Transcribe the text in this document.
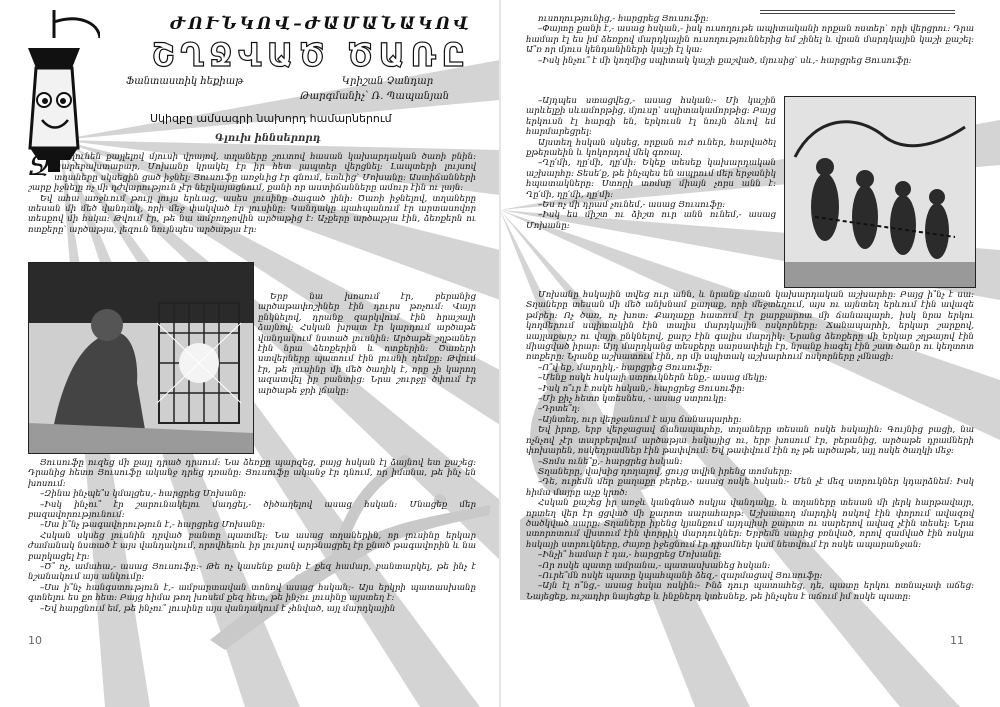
ԺՈՒՆԿՈՎ–ԺԱՄԱՆԱԿՈՎ
ՇՂՋՎԱԾ ԾԱՌԸ
Ֆանտաստիկ հեքիաթ	Կրիշան Չանդար
Թարգմանիչ՝ Ռ. Պապանյան
Սկիզբը ամսագրի նախորդ համարներում
Գլուխ իննսերորդ

Ջրուղունեն քայլելով մյուսի վրայով, տղաները շուտով հասան կախարդական ծառի բնին: Բարեբախտաբար, Մոխանը կրակել էր իր հետ լապտեր վերցնել: Լապտերի լույսով տղաները սկսեցին ցած իջնել: Յուսուֆը առջևից էր գնում, ետևից՝ Մոխանը: Աստիճանների շարք իջնելը ոչ մի դժվարություն չէր ներկայացնում, քանի որ աստիճանները ամուր էին ու լայն:

Եվ ահա առջևում թույլ լույս երևաց, ասես լուսինը ծագած լինի: Ծառի իջնելով, տղաները տեսան մի մեծ վանդակ, որի մեջ փակված էր լուսինը: Կանդակը պահպանում էր արտասովոր տեսքով մի հսկա: Թվում էր, թե նա ամբողջովին արծաթից է: Աչքերը արծաթյա էին, ձեռքերն ու ոտքերը՝ արծաթյա, լեզուն նույնպես արծաթյա էր:

Երբ նա խոսում էր, բերանից արծաթափոշիներ էին դուրս թռչում: Վայր ընկնելով, դրանք զարկվում էին հրաշալի ձայնով: Հսկան խրատ էր կարդում արծաթե վանդակում նստած լուսնին: Արծաթե շղթաներ էին նրա ձեռքերին և ոտքերին: Ծառերի ստվերները պատում էին լուսնի դեմքը: Թվում էր, թե լուսինը մի մեծ ծաղիկ է, որը չի կարող ազատվել իր բանտից: Նրա շուրջը ծփում էր արծաթե ջրի լճակը:

Յուսուֆը ուզեց մի քայլ դրած դրսում: Նա ձեռքը պարզեց, բայց հսկան էլ ձայնով ետ քաշեց: Դրանից հետո Յուսուֆը ականջ դրեց դռանը: Յուսուֆը ականջ էր դնում, որ իմանա, թե ինչ են խոսում:

–Զինա ինչպե՞ս կմալցես,- հարցրեց Մոխանը:

–Իսկ ինչու՞ էր շարունակելու մադցել,- ծիծաղելով ասաց հսկան: Մնացեք մեր բազավորությունում:

–Սա ի՞նչ թագավորություն է,- հարցրեց Մոխանը:

Հսկան սկսեց լուսնին դրված բանտը պատմել: Նա ասաց տղաներին, որ լուսինը երկար ժամանակ նստած է այս վանդակում, որովհետև իր լույսով արթնացրել էր քնած թագավորին և նա բարկացել էր:

–Ծ՞ ոչ, ամահա,- ասաց Յուսուֆը:- Թե ոչ կասենք քանի է քեզ համար, բանտարկել, թե ինչ է նշանակում այս անկումը:

–Սա ի՞նչ հանգստություն է,- ամբարտավան տոնով ասաց հսկան:- Այս երկրի պատասխանը գտնելու ես քո հետ: Բայց հիմա թող խոսեմ քեզ հետ, թե ինչու լուսինը այստեղ է:

–Եվ հարցնում եմ, թե ինչու՞ լուսինը այս վանդակում է չհնված, այլ մարդկային

10

ուսողությունից,- հարցրեց Յուսուֆը:

–Փայտը քանի է,- ասաց հսկան,- իսկ ուսողութե ապիտականի որքան ոստեր՝ որի վերցրու: Դրա համար էլ ես իմ ձեռքով մարդկային ուսողություններից եմ շինել և վրան մարդկային կաշի քաշել: Ա՞ռ որ մյուս կենդանիների կաշի էլ կա:

–Իսկ ինչու՞ է մի կողմից սպիտակ կաշի քաշված, մյուսից՝ սև,- հարցրեց Յուսուֆը:

–Այդպես ստացվեց,- ասաց հսկան:- Մի կաշին արևելքի սևամորթից, մյուսը՝ սպիտակամորթից: Բայց երկուսն էլ հարգի են, երկուսն էլ նույն ձևով եմ հարմարեցրել:

Այստեղ հսկան սկսեց, որքան ուժ ուներ, հարվածել քթերաեին և կոկորդով մեկ գոռալ.

–Ղը՛մի, ղը՛մի, ղը՛մի: Եկեք տեսեք կախարդական աշխարհը: Տեսե՛ք, թե ինչպես են ապրում մեր երջանիկ հպատակները: Ստորի տոմսը միայն չորս անն է: Ղը՛մի, ղը՛մի, ղը՛մի:

–Ես ոչ մի դրամ չունեմ,- ասաց Յուսուֆը:

–Իսկ ես միշտ ու ձիշտ ուր անն ունեմ,- ասաց Մոխանը:

Մոխանը հսկային տվեց ուր անն, և նրանք մտան կախարդական աշխարհը: Բայց ի՞նչ է սա: Տղաները տեսան մի մեծ անխնամ քաղաք, որի մեջտեղում, այս ու այնտեղ երևում էին ավազե թմբեր: Ոչ ծառ, ոչ խոտ: Քաղաքը հատում էր քարքարոտ մի ճանապարհ, իսկ նրա երկու կողմերում սպիտակին էին տալիս մարդկային ոսկորները: Ճանապարհի, երկար շարքով, սայլաքարշ ու վայր ընկնելով, քարշ էին գալիս մարդիկ: Նրանց ձեռքերը մի երկար շղթայով էին միացված իրար: Այդ մարդկանց տեսքերը սարսափելի էր, նրանք հագել էին շատ ծանր ու կեղտոտ ոտքերը: Նրանք աշխատում էին, որ մի սպիտակ աշխարհում ոսկորները չմնացի:

–Ո՞վ եք, մարդիկ,- հարցրեց Յուսուֆը:

–Մենք ոսկե հսկայի ստրուկներն ենք,- ասաց մեկը:

–Իսկ ո՞ւր է ոսկե հսկան,- հարցրեց Յուսուֆը:

–Մի քիչ հետո կտեսնես, - ասաց ստրուկը:

–Դրտե՞ղ:

–Այնտեղ, ուր վերջանում է այս ճանապարհը:

Եվ իրոք, երբ վերջացավ ճանապարհը, տղաները տեսան ոսկե հսկային: Գույնից բացի, նա ոչնչով չէր տարբերվում արծաթյա հսկայից ու, երբ խոսում էր, բերանից, արծաթե դրամների փոխարեն, ոսկեդրամներ էին թափվում: Եվ թափվում էին ոչ թե արծաթե, այլ ոսկե ծաղկի մեջ:

–Տոմս ունե՞ք,- հարցրեց հսկան:

Տղաները, վախից դողալով, ցույց տվին իրենց տոմսերը:

–Դե, ուրեմն մեր քաղաքը բերեք,- ասաց ոսկե հսկան:- Մեն չէ մեզ ստրուկներ կդարձնեմ: Իսկ հիմա մայրը աչք կրոծ:

Հսկան քաշեց իր առջև կանգնած ոսկյա վանդակը, և տղաները տեսան մի լերկ հարթավայր, որտեղ վեր էր ցցված մի քարոտ սարահարթ: Աշխատող մարդիկ ոսկով էին փորում ավազով ծածկված սարը: Տղաները իրենց կյանքում այդպիսի քարոտ ու սարերով ավազ չէին տեսել: Նրա ստորոտում վխտում էին փորրիկ մարդուկներ: Երբեմն սարից բռնված, որով զամված էին ոսկյա հսկայի ստրուկները, ժայռը իջեցնում էր դրամներ կամ նետվում էր ոսկե ապարանջան:

–Ինչի՞ համար է դա,- հարցրեց Մոխանը:

–Որ ոսկե պատը ամրանա,- պատասխանեց հսկան:

–Ուրե՞մն ոսկե պատը կպահպանի ձեզ,- զարմացավ Յուսուֆը:

–Այն էլ ո՞նց,- ասաց հսկա ոսկին:- Ինձ դուր պատահեց, դե, պատը երկու ոտնաչափ աճեց: Նայեցեք, ուշադիր նայեցեք և ինքներդ կտեսնեք, թե ինչպես է աճում իմ ոսկե պատը:

11
